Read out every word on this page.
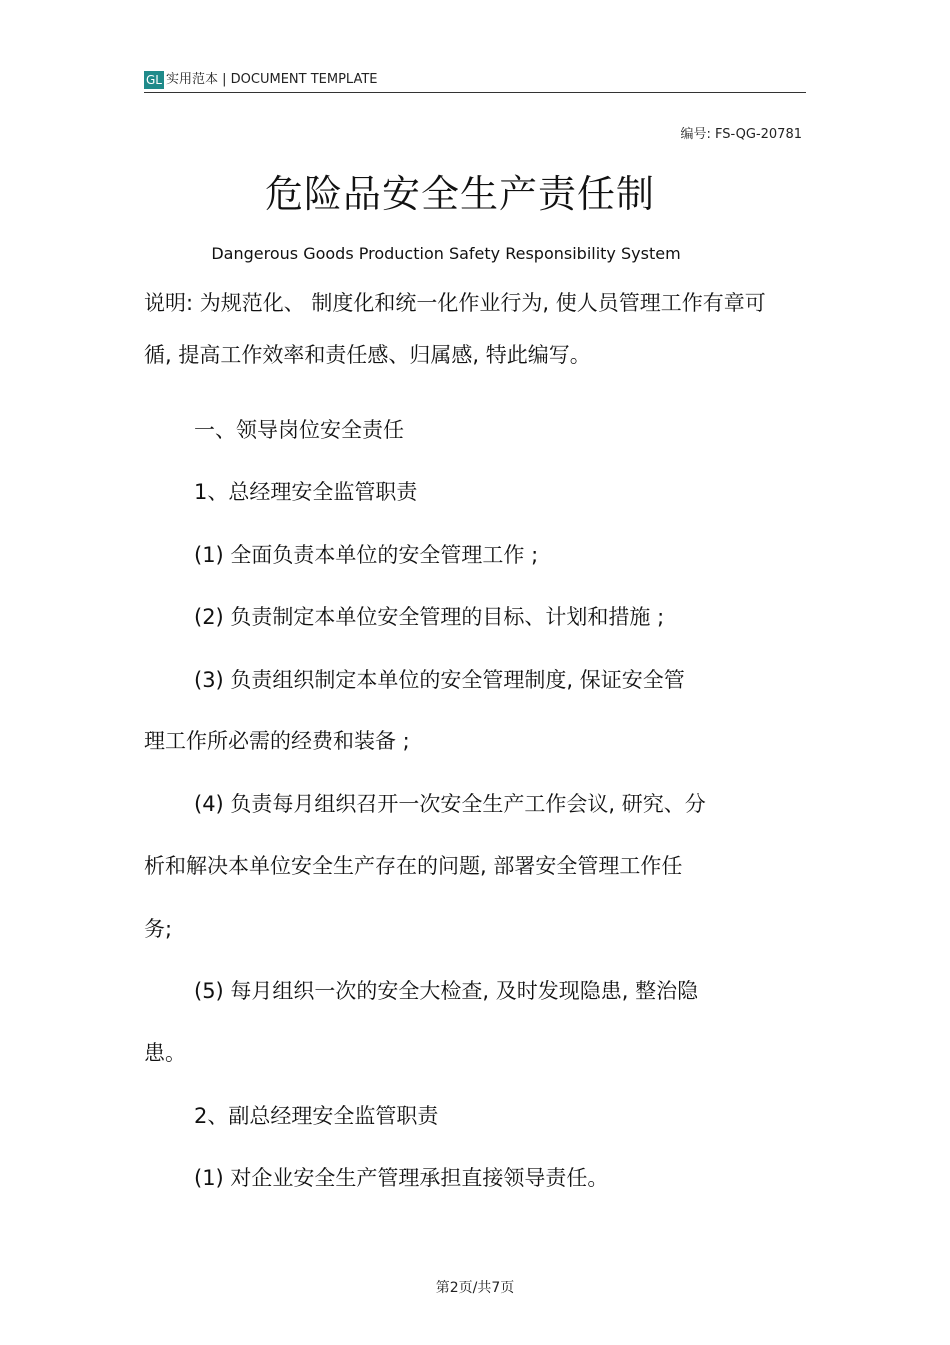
GL 实用范本 | DOCUMENT TEMPLATE
编号: FS-QG-20781
危险品安全生产责任制
Dangerous Goods Production Safety Responsibility System
说明: 为规范化、 制度化和统一化作业行为, 使人员管理工作有章可
循, 提高工作效率和责任感、归属感, 特此编写。
一、领导岗位安全责任
1、总经理安全监管职责
(1) 全面负责本单位的安全管理工作 ;
(2) 负责制定本单位安全管理的目标、计划和措施 ;
(3) 负责组织制定本单位的安全管理制度, 保证安全管
理工作所必需的经费和装备 ;
(4) 负责每月组织召开一次安全生产工作会议, 研究、分
析和解决本单位安全生产存在的问题, 部署安全管理工作任
务;
(5) 每月组织一次的安全大检查, 及时发现隐患, 整治隐
患。
2、副总经理安全监管职责
(1) 对企业安全生产管理承担直接领导责任。
第2页/共7页
